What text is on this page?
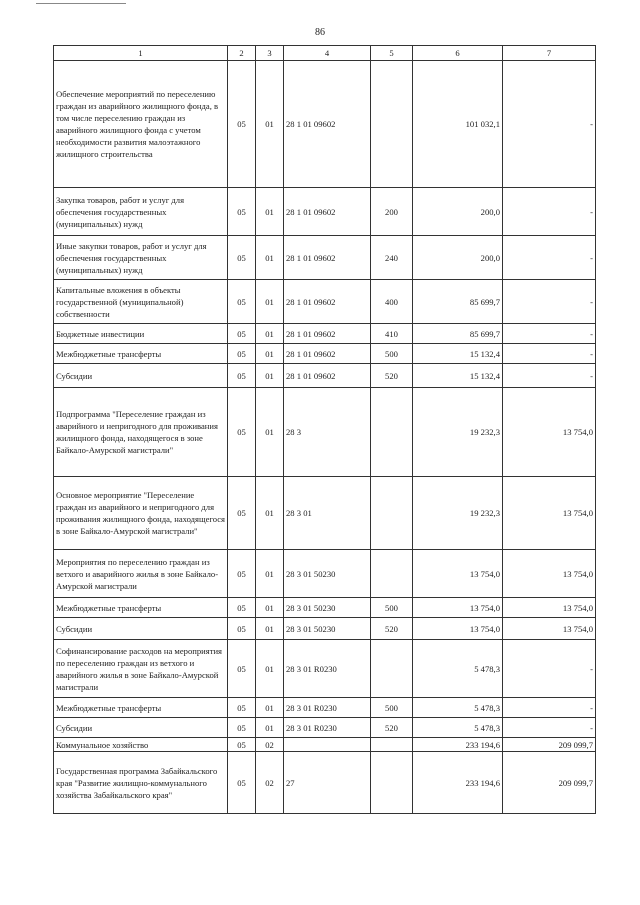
86
1	2	3	4	5	6	7
Обеспечение мероприятий по переселению граждан из аварийного жилищного фонда, в том числе переселению граждан из аварийного жилищного фонда с учетом необходимости развития малоэтажного жилищного строительства	05	01	28 1 01 09602		101 032,1	-
Закупка товаров, работ и услуг для обеспечения государственных (муниципальных) нужд	05	01	28 1 01 09602	200	200,0	-
Иные закупки товаров, работ и услуг для обеспечения государственных (муниципальных) нужд	05	01	28 1 01 09602	240	200,0	-
Капитальные вложения в объекты государственной (муниципальной) собственности	05	01	28 1 01 09602	400	85 699,7	-
Бюджетные инвестиции	05	01	28 1 01 09602	410	85 699,7	-
Межбюджетные трансферты	05	01	28 1 01 09602	500	15 132,4	-
Субсидии	05	01	28 1 01 09602	520	15 132,4	-
Подпрограмма "Переселение граждан из аварийного и непригодного для проживания жилищного фонда, находящегося в зоне Байкало-Амурской магистрали"	05	01	28 3		19 232,3	13 754,0
Основное мероприятие "Переселение граждан из аварийного и непригодного для проживания жилищного фонда, находящегося в зоне Байкало-Амурской магистрали"	05	01	28 3 01		19 232,3	13 754,0
Мероприятия по переселению граждан из ветхого и аварийного жилья в зоне Байкало-Амурской магистрали	05	01	28 3 01 50230		13 754,0	13 754,0
Межбюджетные трансферты	05	01	28 3 01 50230	500	13 754,0	13 754,0
Субсидии	05	01	28 3 01 50230	520	13 754,0	13 754,0
Софинансирование расходов на мероприятия по переселению граждан из ветхого и аварийного жилья в зоне Байкало-Амурской магистрали	05	01	28 3 01 R0230		5 478,3	-
Межбюджетные трансферты	05	01	28 3 01 R0230	500	5 478,3	-
Субсидии	05	01	28 3 01 R0230	520	5 478,3	-
Коммунальное хозяйство	05	02			233 194,6	209 099,7
Государственная программа Забайкальского края "Развитие жилищно-коммунального хозяйства Забайкальского края"	05	02	27		233 194,6	209 099,7
